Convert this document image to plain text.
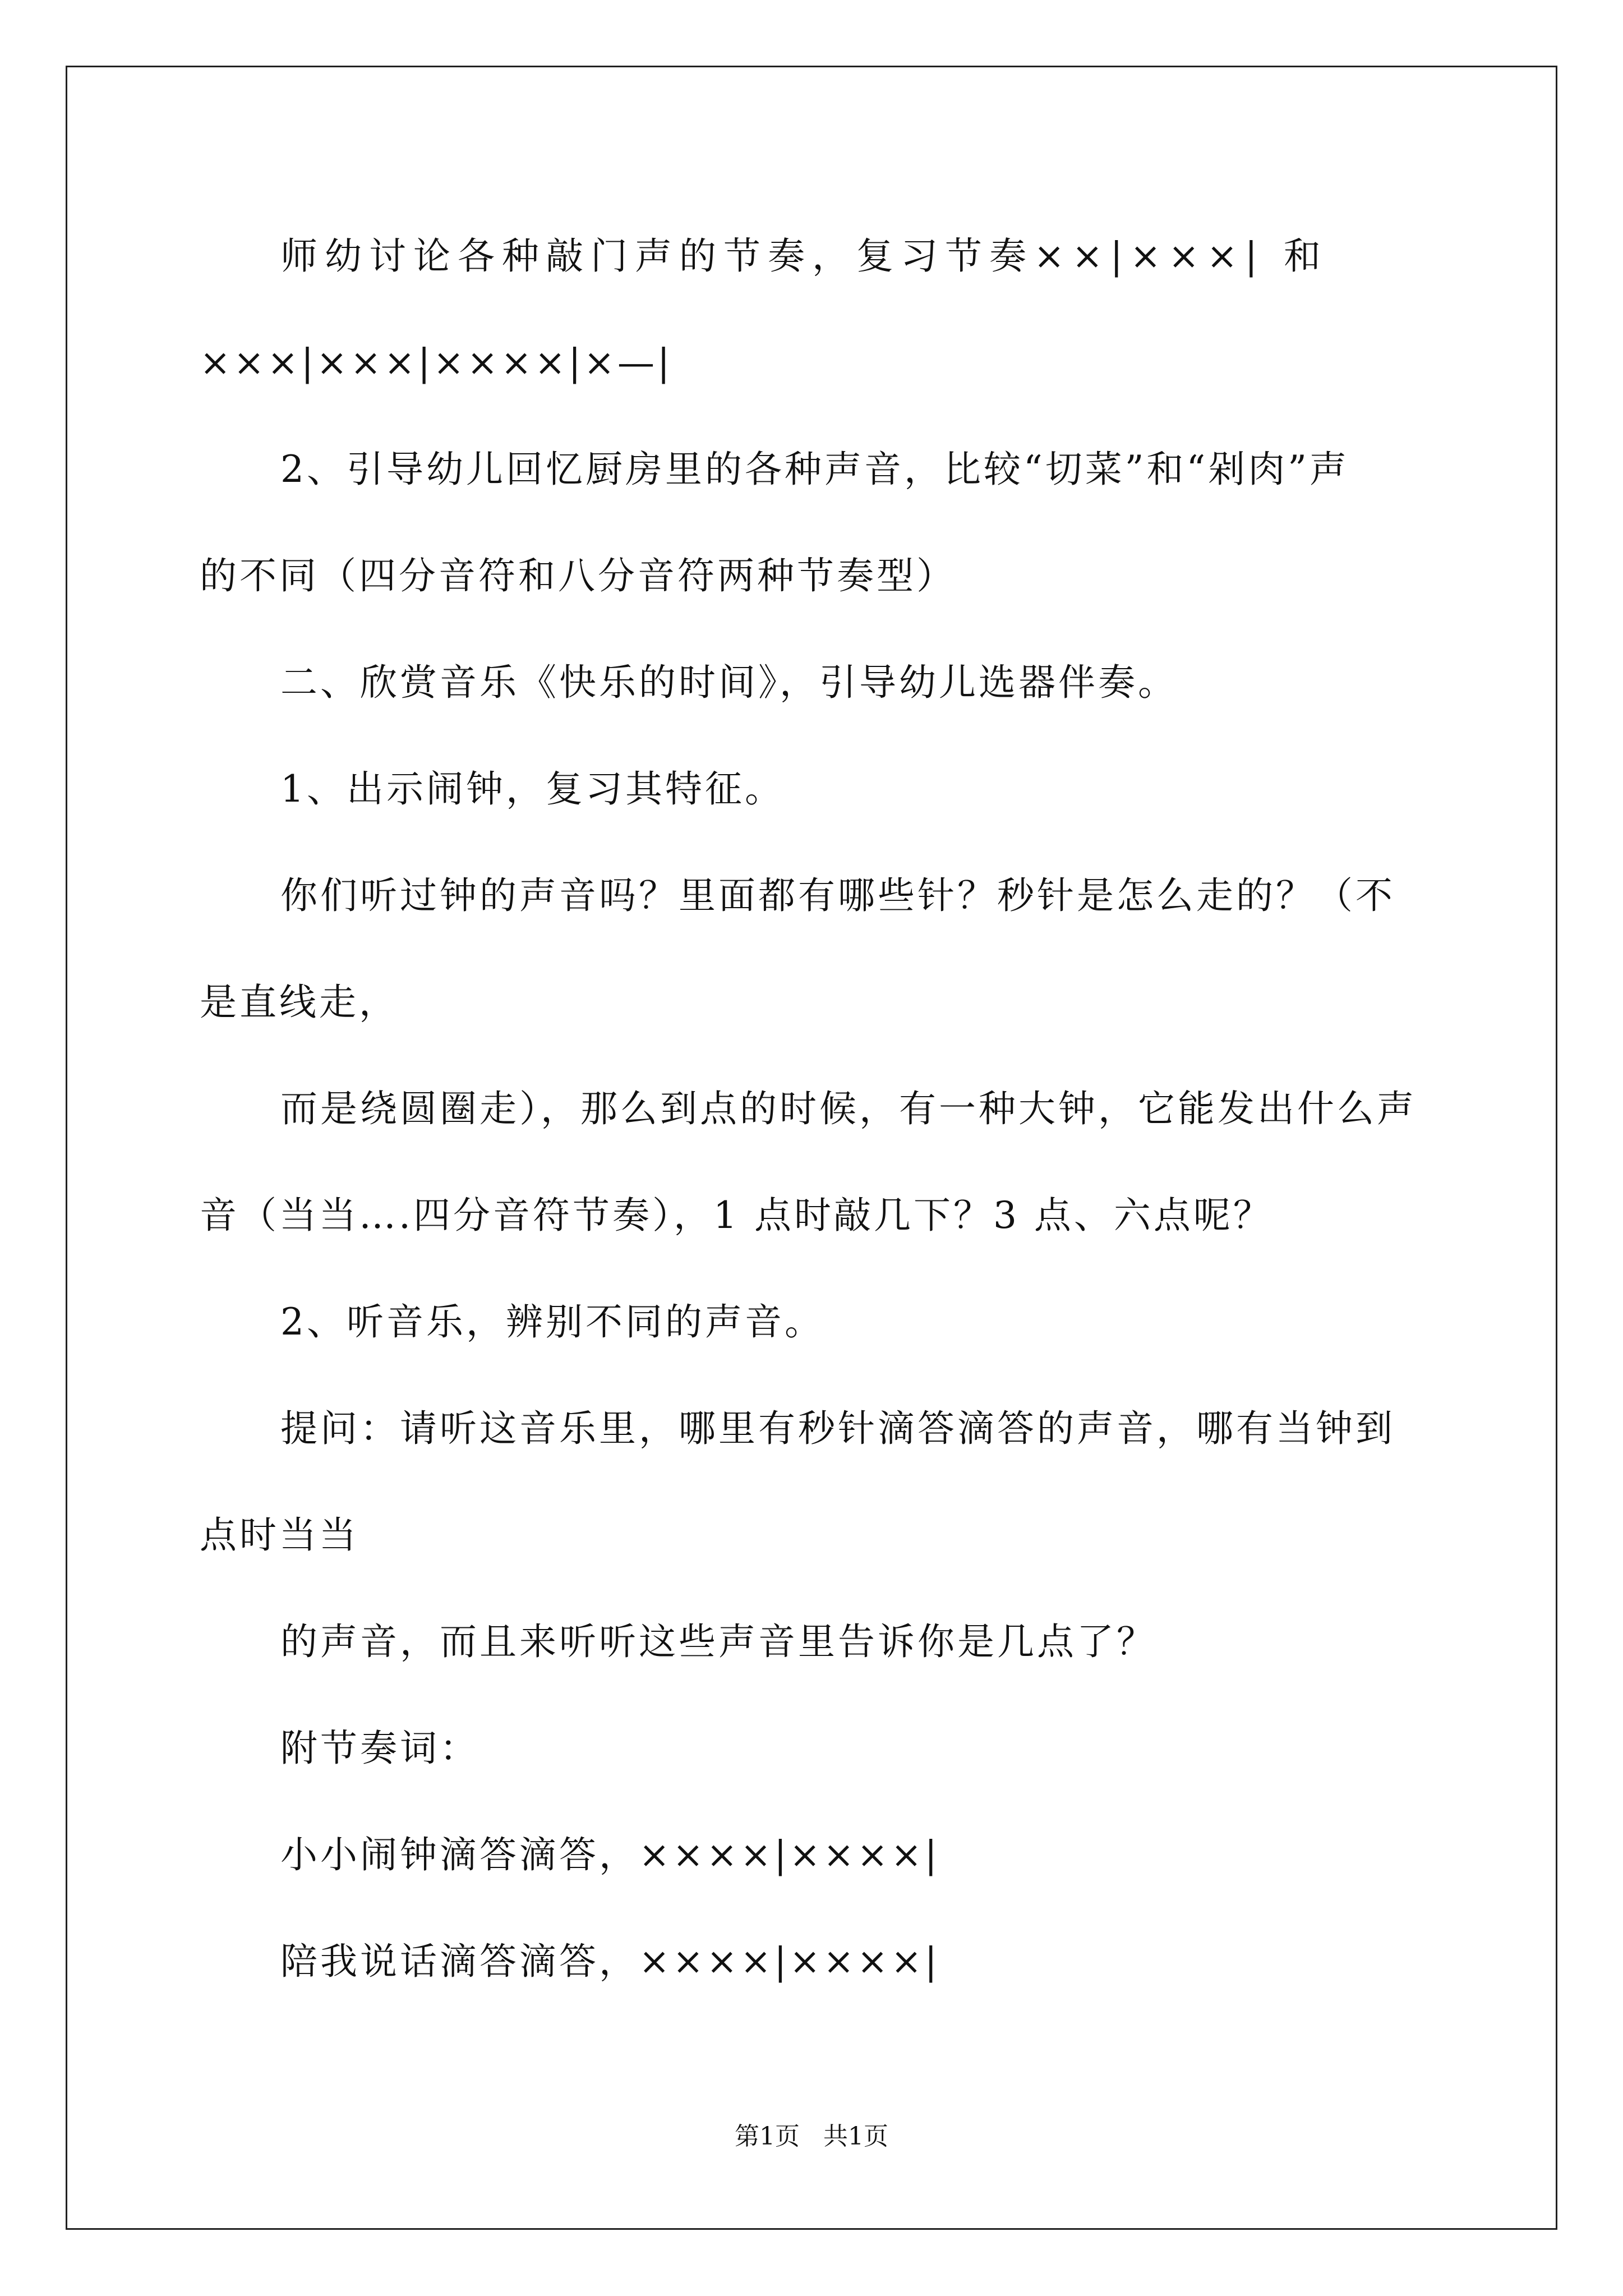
师幼讨论各种敲门声的节奏，复习节奏××|×××| 和

×××|×××|××××|×—|

2、引导幼儿回忆厨房里的各种声音，比较“切菜”和“剁肉”声

的不同（四分音符和八分音符两种节奏型）

二、欣赏音乐《快乐的时间》，引导幼儿选器伴奏。

1、出示闹钟，复习其特征。

你们听过钟的声音吗？里面都有哪些针？秒针是怎么走的？（不

是直线走，

而是绕圆圈走），那么到点的时候，有一种大钟，它能发出什么声

音（当当….四分音符节奏），1 点时敲几下？3 点、六点呢？

2、听音乐，辨别不同的声音。

提问：请听这音乐里，哪里有秒针滴答滴答的声音，哪有当钟到

点时当当

的声音，而且来听听这些声音里告诉你是几点了？

附节奏词：

小小闹钟滴答滴答，××××|××××|

陪我说话滴答滴答，××××|××××|

第1页   共1页
